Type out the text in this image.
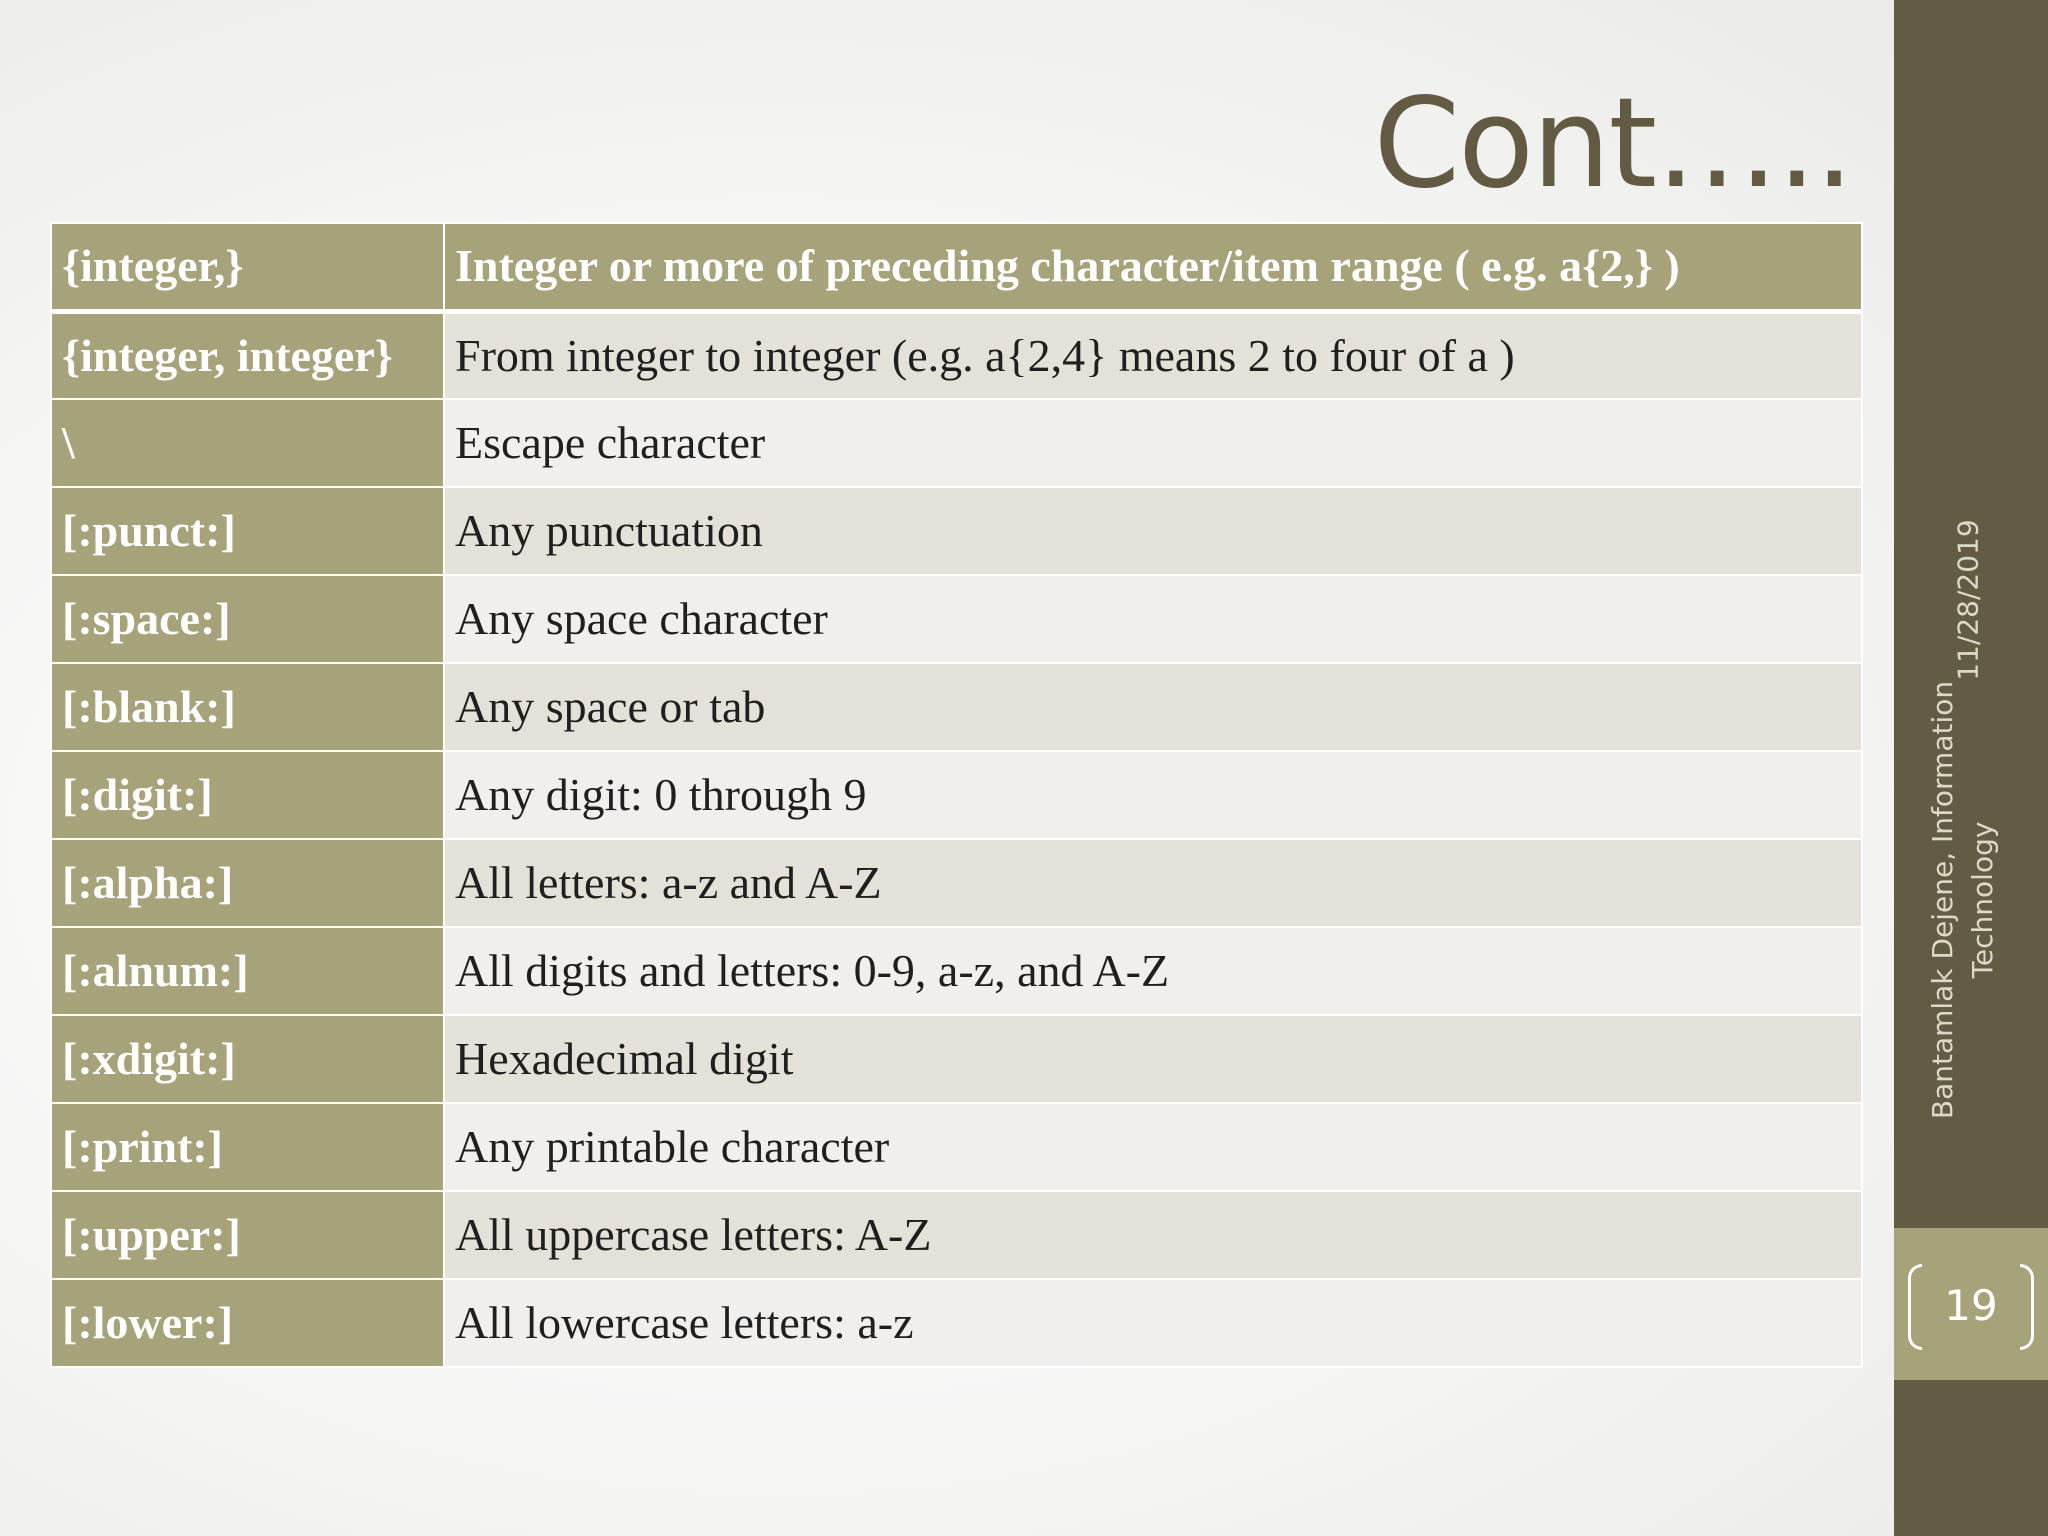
Cont…..
{integer,}	Integer or more of preceding character/item range ( e.g. a{2,} )
{integer, integer}	From integer to integer (e.g. a{2,4} means 2 to four of a )
\	Escape character
[:punct:]	Any punctuation
[:space:]	Any space character
[:blank:]	Any space or tab
[:digit:]	Any digit: 0 through 9
[:alpha:]	All letters: a-z and A-Z
[:alnum:]	All digits and letters: 0-9, a-z, and A-Z
[:xdigit:]	Hexadecimal digit
[:print:]	Any printable character
[:upper:]	All uppercase letters: A-Z
[:lower:]	All lowercase letters: a-z
11/28/2019
Bantamlak Dejene, Information Technology
19
